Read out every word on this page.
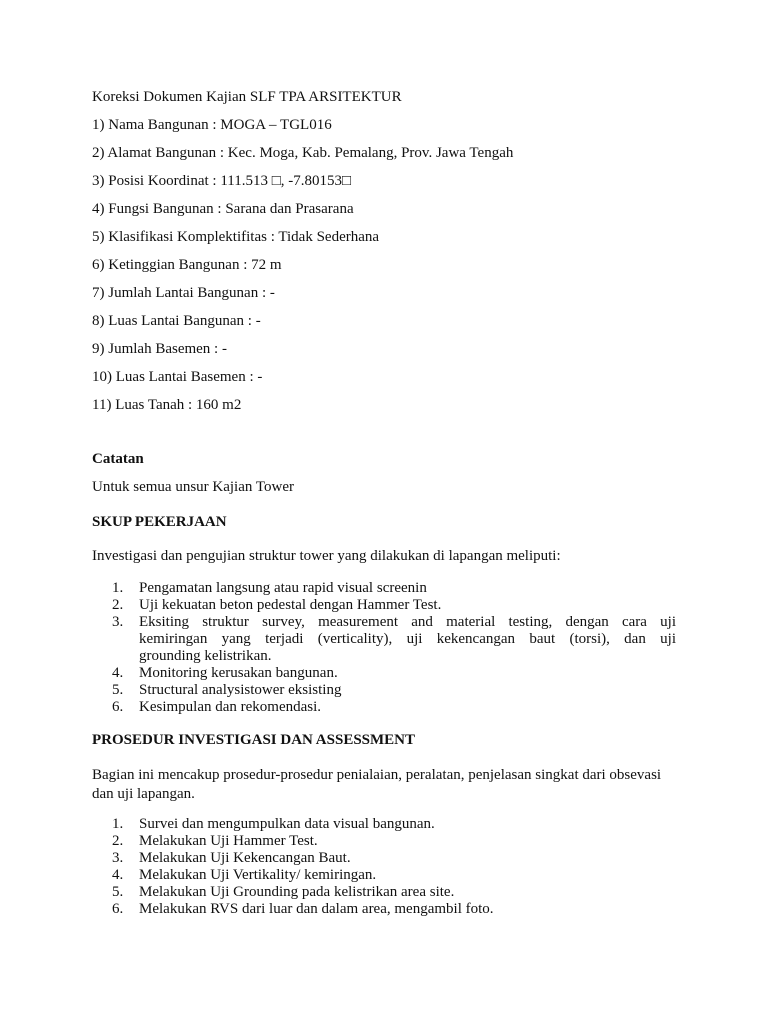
Koreksi Dokumen Kajian SLF TPA ARSITEKTUR
1) Nama Bangunan : MOGA – TGL016
2) Alamat Bangunan : Kec. Moga, Kab. Pemalang, Prov. Jawa Tengah
3) Posisi Koordinat : 111.513 □, -7.80153□
4) Fungsi Bangunan : Sarana dan Prasarana
5) Klasifikasi Komplektifitas : Tidak Sederhana
6) Ketinggian Bangunan : 72 m
7) Jumlah Lantai Bangunan : -
8) Luas Lantai Bangunan : -
9) Jumlah Basemen : -
10) Luas Lantai Basemen : -
11) Luas Tanah : 160 m2
Catatan
Untuk semua unsur Kajian Tower
SKUP PEKERJAAN
Investigasi dan pengujian struktur tower yang dilakukan di lapangan meliputi:
1. Pengamatan langsung atau rapid visual screenin
2. Uji kekuatan beton pedestal dengan Hammer Test.
3. Eksiting struktur survey, measurement and material testing, dengan cara uji
kemiringan yang terjadi (verticality), uji kekencangan baut (torsi), dan uji
grounding kelistrikan.
4. Monitoring kerusakan bangunan.
5. Structural analysistower eksisting
6. Kesimpulan dan rekomendasi.
PROSEDUR INVESTIGASI DAN ASSESSMENT
Bagian ini mencakup prosedur-prosedur penialaian, peralatan, penjelasan singkat dari obsevasi
dan uji lapangan.
1. Survei dan mengumpulkan data visual bangunan.
2. Melakukan Uji Hammer Test.
3. Melakukan Uji Kekencangan Baut.
4. Melakukan Uji Vertikality/ kemiringan.
5. Melakukan Uji Grounding pada kelistrikan area site.
6. Melakukan RVS dari luar dan dalam area, mengambil foto.
